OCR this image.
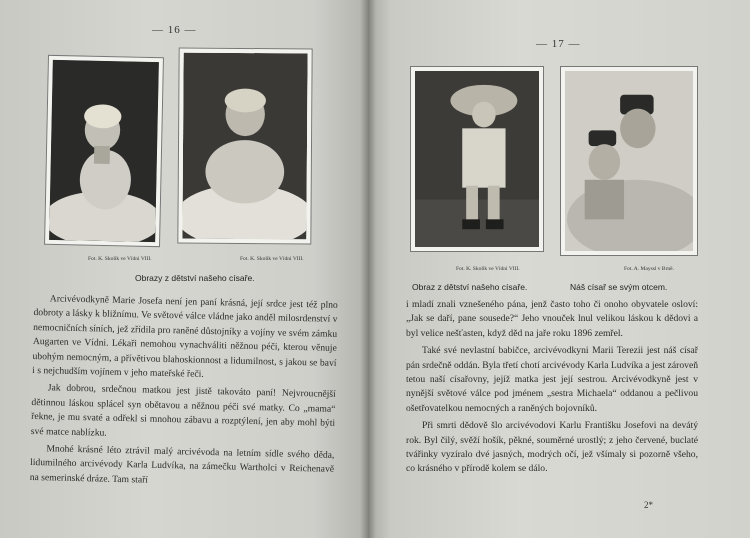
— 16 —
Fot. K. Skolík ve Vídni VIII.	Fot. K. Skolík ve Vídni VIII.
Obrazy z dětství našeho císaře.

Arcivévodkyně Marie Josefa není jen paní krásná, její srdce jest též plno dobroty a lásky k bližnímu. Ve světové válce vládne jako anděl milosrdenství v nemocničních síních, jež zřídila pro raněné důstojníky a vojíny ve svém zámku Augarten ve Vídni. Lékaři nemohou vynachváliti něžnou péči, kterou věnuje ubohým nemocným, a přívětivou blahoskionnost a lidumilnost, s jakou se baví i s nejchudším vojínem v jeho mateřské řeči.

Jak dobrou, srdečnou matkou jest jistě takováto paní! Nejvroucnější dětinnou láskou splácel syn obětavou a něžnou péči své matky. Co „mama“ řekne, je mu svaté a odřekl si mnohou zábavu a rozptýlení, jen aby mohl býti své matce nablízku.

Mnohé krásné léto ztrávil malý arcivévoda na letním sídle svého děda, lidumilného arcivévody Karla Ludvíka, na zámečku Wartholci v Reichenavě na semerinské dráze. Tam staří

— 17 —
Fot. K. Skolík ve Vídni VIII.	Fot. A. Mayssl v Brně.
Obraz z dětství našeho císaře.	Náš císař se svým otcem.
2*

i mladí znali vznešeného pána, jenž často toho či onoho obyvatele osloví: „Jak se daří, pane sousede?“ Jeho vnouček lnul velikou láskou k dědovi a byl velice nešťasten, když děd na jaře roku 1896 zemřel.

Také své nevlastní babičce, arcivévodkyni Marii Terezii jest náš císař pán srdečně oddán. Byla třetí chotí arcivévody Karla Ludvíka a jest zároveň tetou naší císařovny, jejíž matka jest její sestrou. Arcivévodkyně jest v nynější světové válce pod jménem „sestra Michaela“ oddanou a pečlivou ošetřovatelkou nemocných a raněných bojovníků.

Při smrti dědově šlo arcivévodovi Karlu Františku Josefovi na devátý rok. Byl čilý, svěží hošík, pěkné, souměrné urostlý; z jeho červené, buclaté tvářinky vyzíralo dvé jasných, modrých očí, jež všímaly si pozorně všeho, co krásného v přírodě kolem se dálo.
